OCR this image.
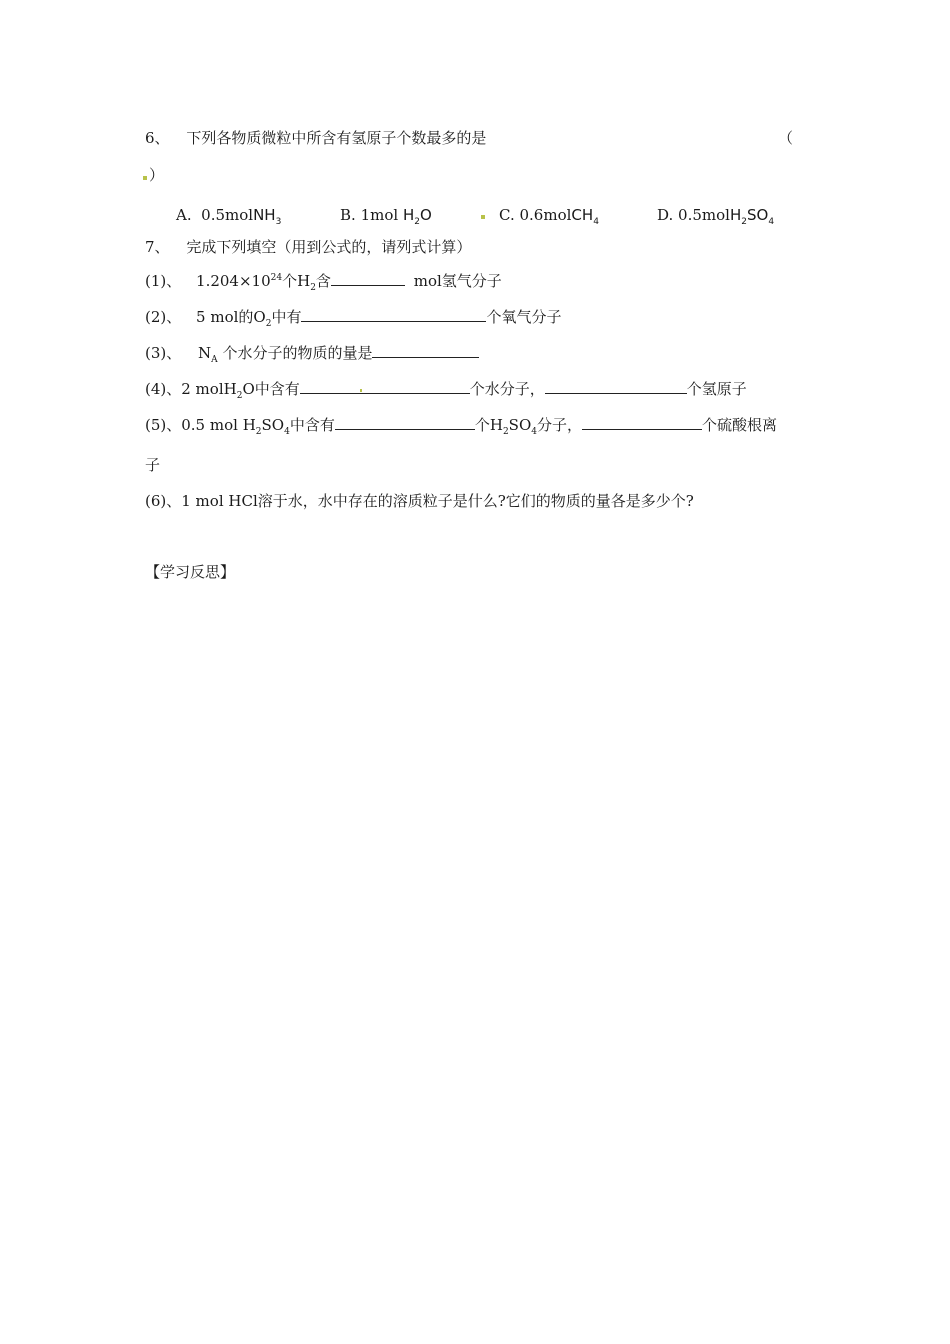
6、 下列各物质微粒中所含有氢原子个数最多的是	（
）
A. 0.5molNH$_3$	B. 1mol $H_2O$	C. 0.6molCH$_4$	D. $0.5molH_2SO_4$
7、 完成下列填空（用到公式的，请列式计算）
(1)、 $1.204\times 10^{24}$个$H_2$含	mol氢气分子
(2)、 5 mol的$O_2$中有	个氧气分子
(3)、 $N_A$ 个水分子的物质的量是
(4)、2 molH$_2$O中含有	个水分子，	个氢原子
(5)、0.5 mol $H_2SO_4$中含有	个$H_2SO_4$分子，	个硫酸根离
子
(6)、1 mol HCl溶于水，水中存在的溶质粒子是什么?它们的物质的量各是多少个?
【学习反思】
